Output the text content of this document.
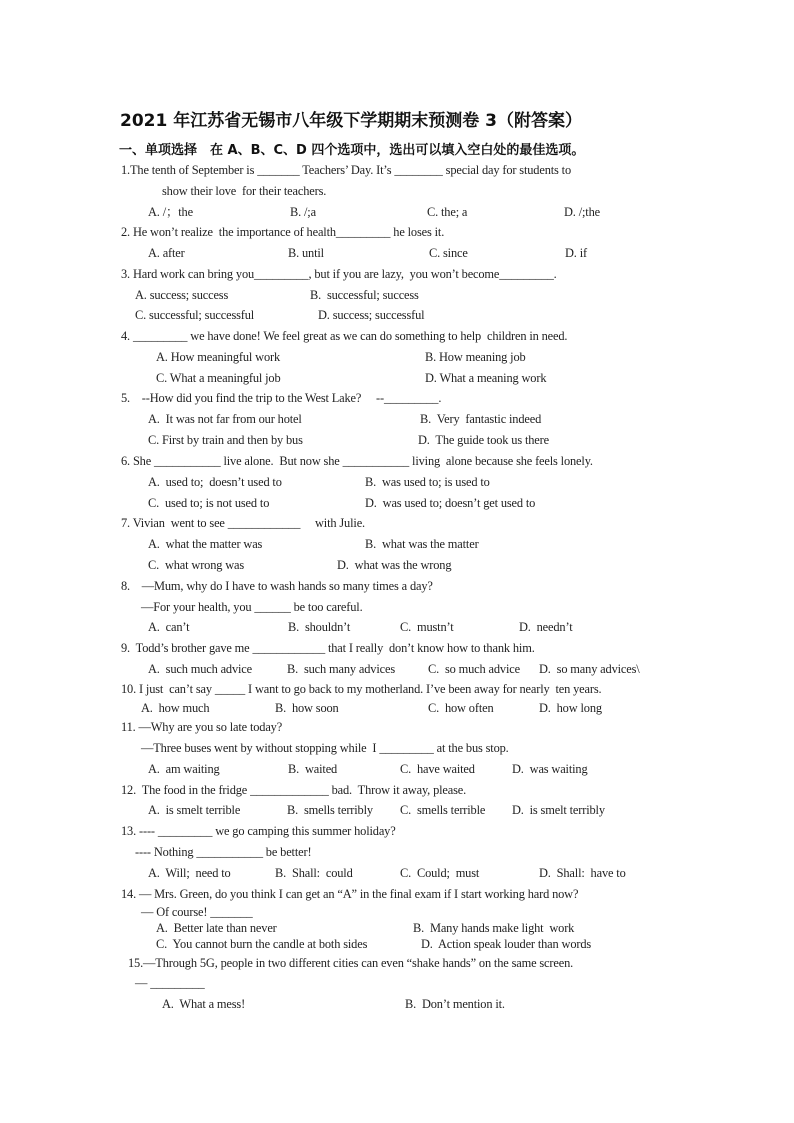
2021 年江苏省无锡市八年级下学期期末预测卷 3（附答案）
一、单项选择　在 A、B、C、D 四个选项中，选出可以填入空白处的最佳选项。
1.The tenth of September is _______ Teachers’ Day. It’s ________ special day for students to
show their love  for their teachers.
A. /；the	B. /;a	C. the; a	D. /;the
2. He won’t realize  the importance of health_________ he loses it.
A. after	B. until	C. since	D. if
3. Hard work can bring you_________, but if you are lazy,  you won’t become_________.
A. success; success	B.  successful; success
C. successful; successful	D. success; successful
4. _________ we have done! We feel great as we can do something to help  children in need.
A. How meaningful work	B. How meaning job
C. What a meaningful job	D. What a meaning work
5.    --How did you find the trip to the West Lake?     --_________.
A.  It was not far from our hotel	B.  Very  fantastic indeed
C. First by train and then by bus	D.  The guide took us there
6. She ___________ live alone.  But now she ___________ living  alone because she feels lonely.
A.  used to;  doesn’t used to	B.  was used to; is used to
C.  used to; is not used to	D.  was used to; doesn’t get used to
7. Vivian  went to see ____________     with Julie.
A.  what the matter was	B.  what was the matter
C.  what wrong was	D.  what was the wrong
8.    —Mum, why do I have to wash hands so many times a day?
—For your health, you ______ be too careful.
A.  can’t	B.  shouldn’t	C.  mustn’t	D.  needn’t
9.  Todd’s brother gave me ____________ that I really  don’t know how to thank him.
A.  such much advice	B.  such many advices	C.  so much advice D.  so many advices\
10. I just  can’t say _____ I want to go back to my motherland. I’ve been away for nearly  ten years.
A.  how much	B.  how soon	C.  how often	D.  how long
11. —Why are you so late today?
—Three buses went by without stopping while  I _________ at the bus stop.
A.  am waiting	B.  waited	C.  have waited	D.  was waiting
12.  The food in the fridge _____________ bad.  Throw it away, please.
A.  is smelt terrible	B.  smells terribly C.  smells terrible D.  is smelt terribly
13. ---- _________ we go camping this summer holiday?
---- Nothing ___________ be better!
A.  Will;  need to	B.  Shall:  could	C.  Could;  must	D.  Shall:  have to
14. — Mrs. Green, do you think I can get an “A” in the final exam if I start working hard now?
— Of course! _______
A.  Better late than never	B.  Many hands make light  work
C.  You cannot burn the candle at both sides	D.  Action speak louder than words
15.—Through 5G, people in two different cities can even “shake hands” on the same screen.
— _________
A.  What a mess!	B.  Don’t mention it.
